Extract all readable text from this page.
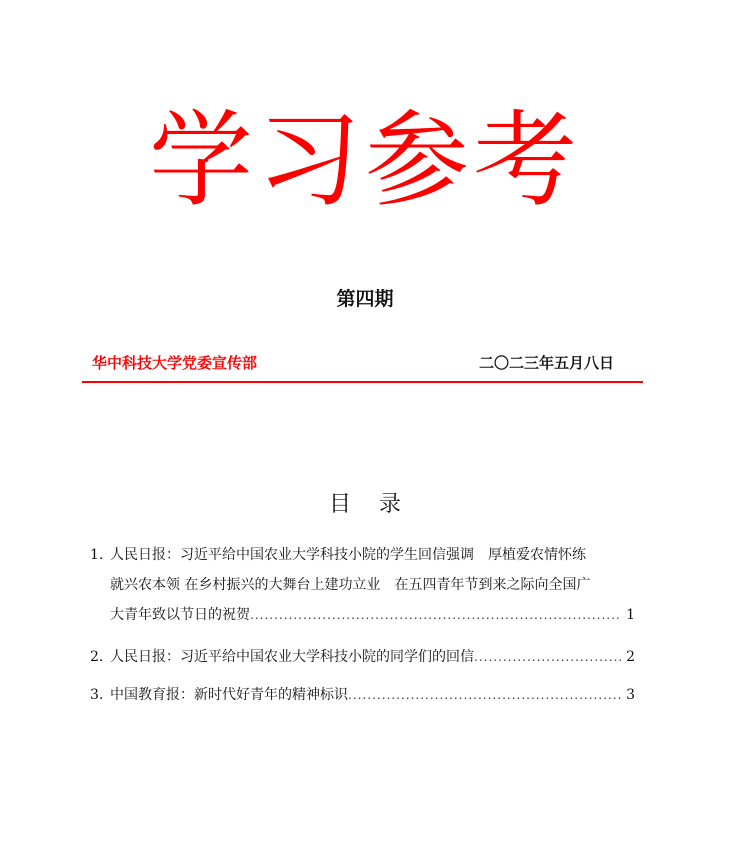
学习参考
第四期
华中科技大学党委宣传部	二〇二三年五月八日
目录
1. 人民日报：习近平给中国农业大学科技小院的学生回信强调　厚植爱农情怀练
就兴农本领 在乡村振兴的大舞台上建功立业　在五四青年节到来之际向全国广
大青年致以节日的祝贺 .....	1
2. 人民日报：习近平给中国农业大学科技小院的同学们的回信 .....	2
3. 中国教育报：新时代好青年的精神标识 .....	3
